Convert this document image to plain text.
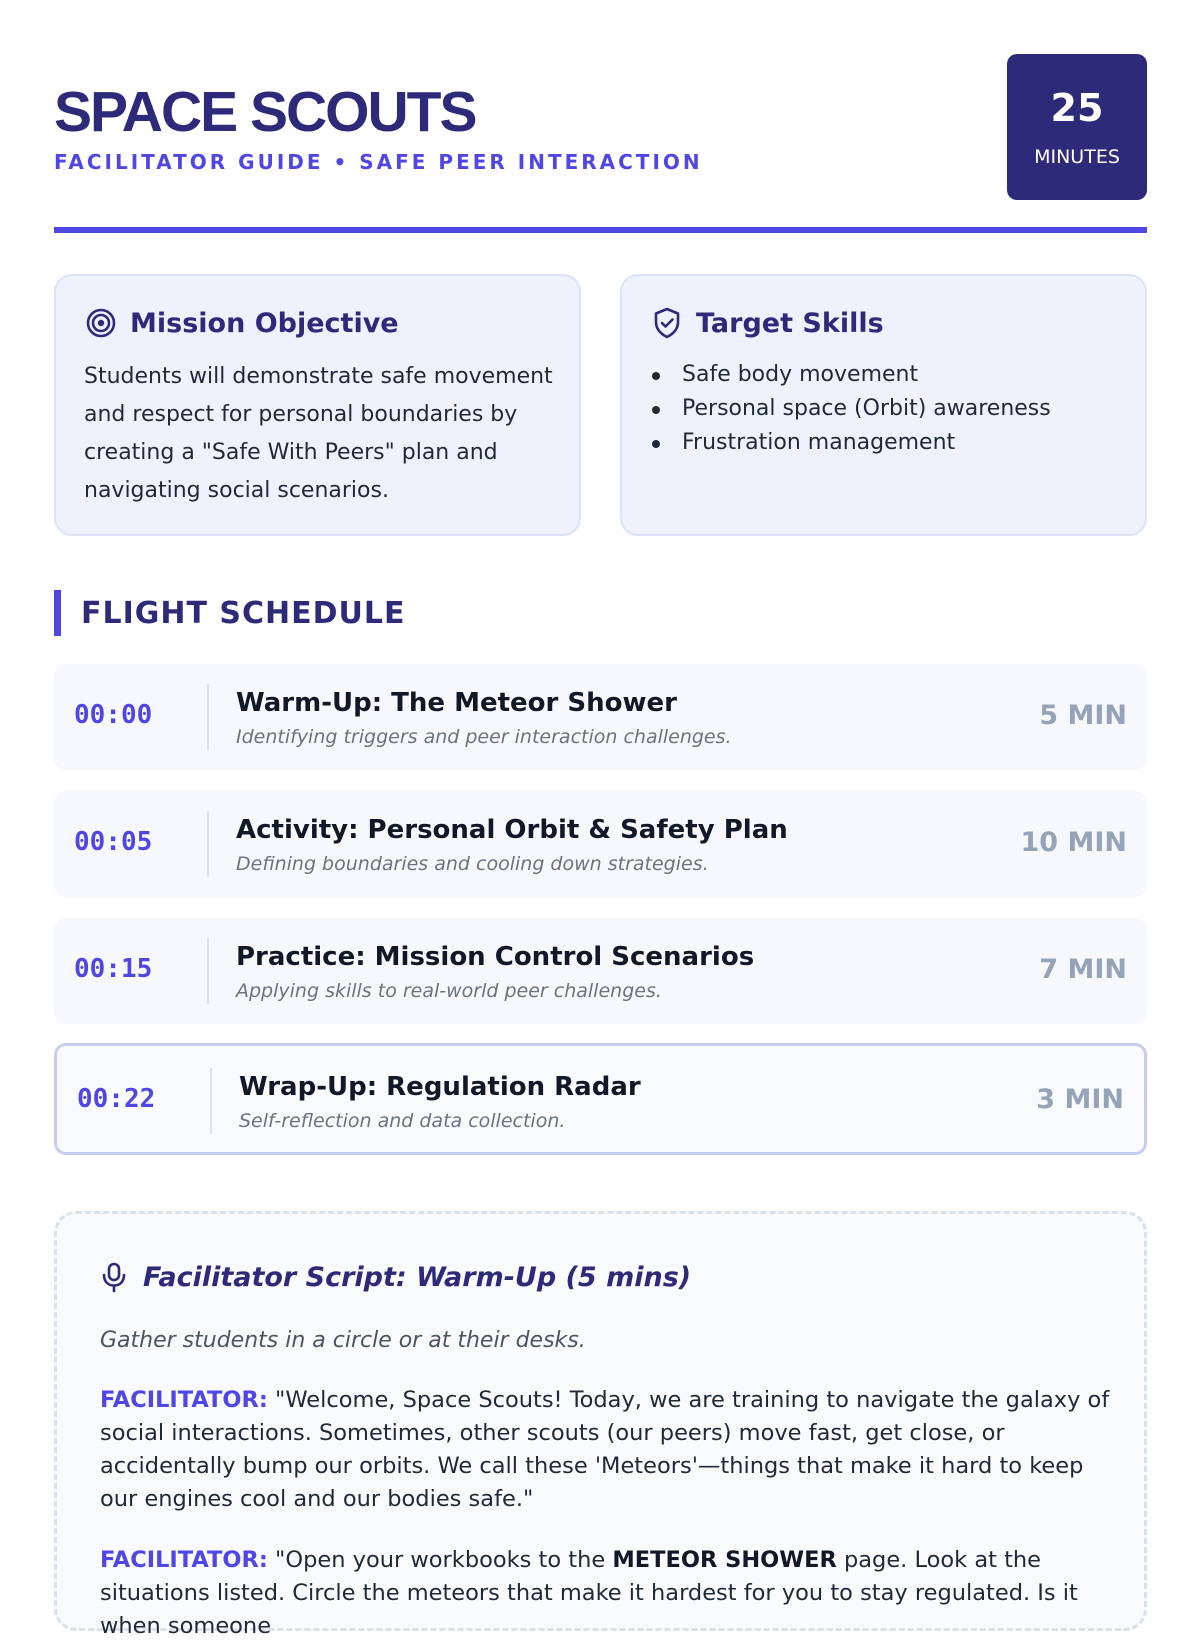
SPACE SCOUTS
FACILITATOR GUIDE • SAFE PEER INTERACTION
25
MINUTES
Mission Objective

Students will demonstrate safe movement and respect for personal boundaries by creating a "Safe With Peers" plan and navigating social scenarios.

Target Skills
Safe body movement
Personal space (Orbit) awareness
Frustration management
FLIGHT SCHEDULE
00:00	Warm-Up: The Meteor Shower
Identifying triggers and peer interaction challenges.
5 MIN
00:05	Activity: Personal Orbit & Safety Plan
Defining boundaries and cooling down strategies.
10 MIN
00:15	Practice: Mission Control Scenarios
Applying skills to real-world peer challenges.
7 MIN
00:22	Wrap-Up: Regulation Radar
Self-reflection and data collection.
3 MIN
Facilitator Script: Warm-Up (5 mins)
Gather students in a circle or at their desks.

FACILITATOR: "Welcome, Space Scouts! Today, we are training to navigate the galaxy of social interactions. Sometimes, other scouts (our peers) move fast, get close, or accidentally bump our orbits. We call these 'Meteors'—things that make it hard to keep our engines cool and our bodies safe."

FACILITATOR: "Open your workbooks to the METEOR SHOWER page. Look at the situations listed. Circle the meteors that make it hardest for you to stay regulated. Is it when someone
